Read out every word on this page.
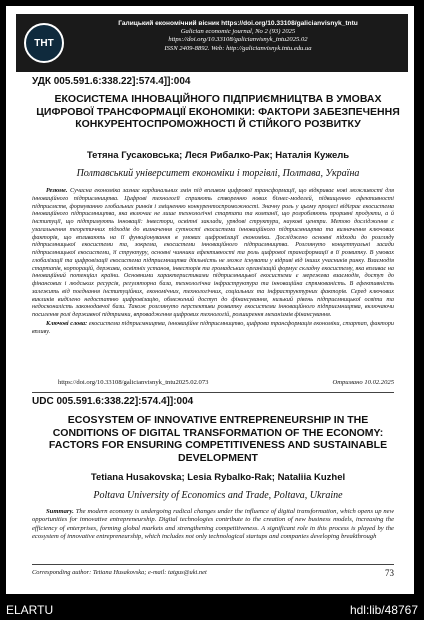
ТНТ
Галицький економічний вісник https://doi.org/10.33108/galicianvisnyk_tntu
Galician economic journal, No 2 (93) 2025
https://doi.org/10.33108/galicianvisnyk_tntu2025.02
ISSN 2409-8892. Web: http://galicianvisnyk.tntu.edu.ua
УДК 005.591.6:338.22]:574.4]]:004
ЕКОСИСТЕМА ІННОВАЦІЙНОГО ПІДПРИЄМНИЦТВА В УМОВАХ ЦИФРОВОЇ ТРАНСФОРМАЦІЇ ЕКОНОМІКИ: ФАКТОРИ ЗАБЕЗПЕЧЕННЯ КОНКУРЕНТОСПРОМОЖНОСТІ Й СТІЙКОГО РОЗВИТКУ
Тетяна Гусаковська; Леся Рибалко-Рак; Наталія Кужель
Полтавський університет економіки і торгівлі, Полтава, Україна
Резюме. Сучасна економіка зазнає кардинальних змін під впливом цифрової трансформації, що відкриває нові можливості для інноваційного підприємництва. Цифрові технології сприяють створенню нових бізнес-моделей, підвищенню ефективності підприємств, формуванню глобальних ринків і зміцненню конкурентоспроможності. Значну роль у цьому процесі відіграє екосистема інноваційного підприємництва, яка включає не лише технологічні стартапи та компанії, що розробляють проривні продукти, а й інституції, що підтримують інновації: інвестори, освітні заклади, урядові структури, наукові центри. Метою дослідження є узагальнення теоретичних підходів до визначення сутності екосистеми інноваційного підприємництва та визначення ключових факторів, що впливають на її функціонування в умовах цифровізації економіки. Досліджено основні підходи до розгляду підприємницької екосистеми та, зокрема, екосистеми інноваційного підприємництва. Розглянуто концептуальні засади підприємницької екосистеми, її структуру, основні чинники ефективності та роль цифрової трансформації в її розвитку. В умовах глобалізації та цифровізації екосистема підприємництва діяльність не може існувати у відриві від інших учасників ринку. Взаємодія стартапів, корпорацій, держави, освітніх установ, інвесторів та громадських організацій формує складну екосистему, яка впливає на інноваційний потенціал країни. Основними характеристиками підприємницької екосистеми є мережева взаємодія, доступ до фінансових і людських ресурсів, регуляторна база, технологічна інфраструктура та інноваційна спрямованість. В ефективність залежить від поєднання інституційних, економічних, технологічних, соціальних та інфраструктурних факторів. Серед ключових викликів виділено недостатню цифровізацію, обмежений доступ до фінансування, низький рівень підприємницької освіти та недосконалість законодавчої бази. Також розглянуто перспективи розвитку екосистеми інноваційного підприємництва, включаючи посилення ролі державної підтримки, впровадження цифрових технологій, розширення механізмів фінансування.
Ключові слова: екосистема підприємництва, інноваційне підприємництво, цифрова трансформація економіки, стартап, фактори впливу.
https://doi.org/10.33108/galicianvisnyk_tntu2025.02.073	Отримано 10.02.2025
UDC 005.591.6:338.22]:574.4]]:004
ECOSYSTEM OF INNOVATIVE ENTREPRENEURSHIP IN THE CONDITIONS OF DIGITAL TRANSFORMATION OF THE ECONOMY: FACTORS FOR ENSURING COMPETITIVENESS AND SUSTAINABLE DEVELOPMENT
Tetiana Husakovska; Lesia Rybalko-Rak; Nataliia Kuzhel
Poltava University of Economics and Trade, Poltava, Ukraine
Summary. The modern economy is undergoing radical changes under the influence of digital transformation, which opens up new opportunities for innovative entrepreneurship. Digital technologies contribute to the creation of new business models, increasing the efficiency of enterprises, forming global markets and strengthening competitiveness. A significant role in this process is played by the ecosystem of innovative entrepreneurship, which includes not only technological startups and companies developing breakthrough
Corresponding author: Tetiana Husakovska; e-mail: tatgus@uki.net	73
ELARTU	hdl:lib/48767
